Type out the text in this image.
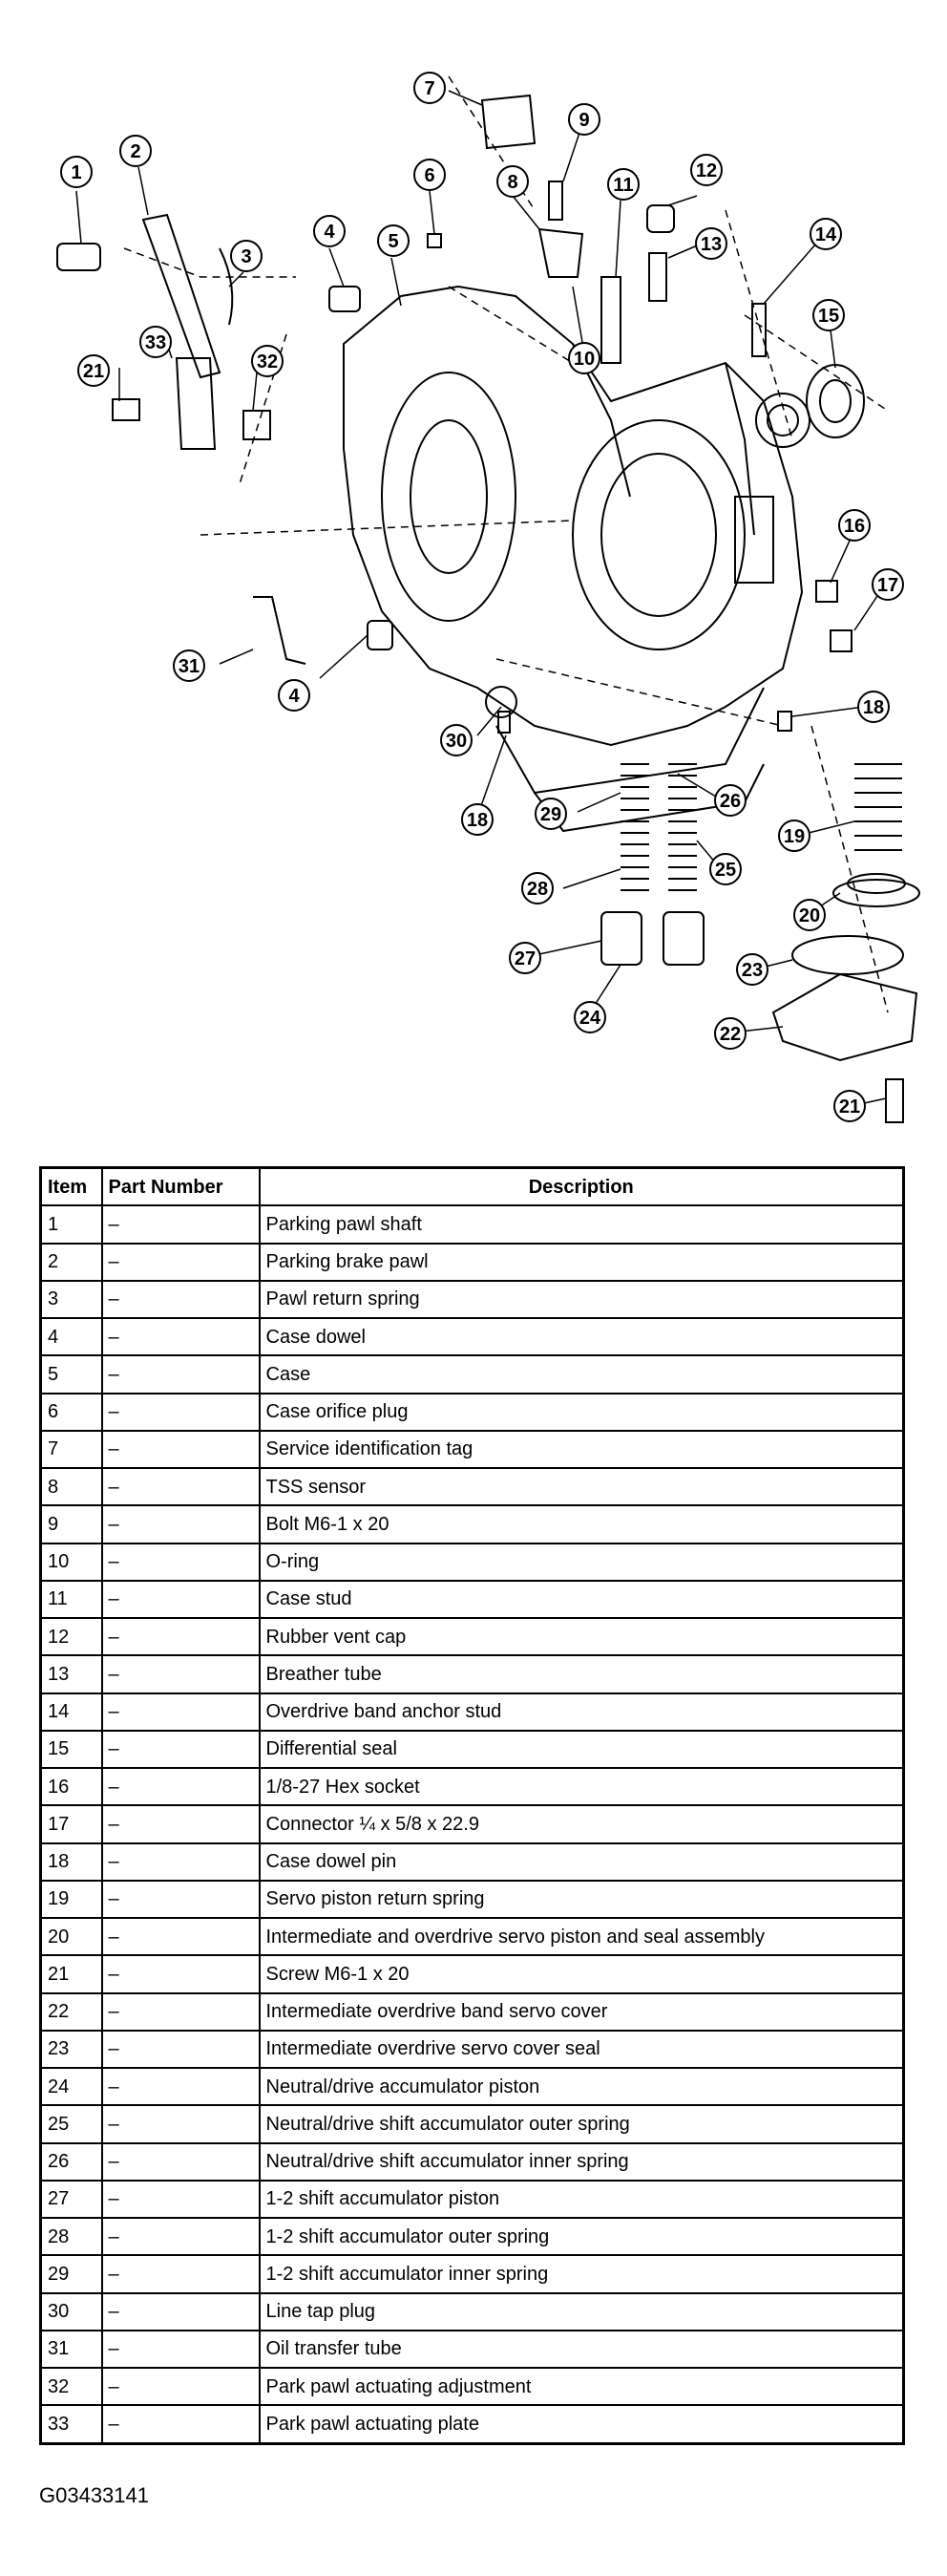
1
2
3
4
4
5
6
7
8
9
10
11
12
13	14
15
16
17
18
18
19
20
21
21
22
23
24
25
26
27
28
29
30
31
32
33
Item	Part Number	Description
1	–	Parking pawl shaft
2	–	Parking brake pawl
3	–	Pawl return spring
4	–	Case dowel
5	–	Case
6	–	Case orifice plug
7	–	Service identification tag
8	–	TSS sensor
9	–	Bolt M6-1 x 20
10	–	O-ring
11	–	Case stud
12	–	Rubber vent cap
13	–	Breather tube
14	–	Overdrive band anchor stud
15	–	Differential seal
16	–	1/8-27 Hex socket
17	–	Connector ¼ x 5/8 x 22.9
18	–	Case dowel pin
19	–	Servo piston return spring
20	–	Intermediate and overdrive servo piston and seal assembly
21	–	Screw M6-1 x 20
22	–	Intermediate overdrive band servo cover
23	–	Intermediate overdrive servo cover seal
24	–	Neutral/drive accumulator piston
25	–	Neutral/drive shift accumulator outer spring
26	–	Neutral/drive shift accumulator inner spring
27	–	1-2 shift accumulator piston
28	–	1-2 shift accumulator outer spring
29	–	1-2 shift accumulator inner spring
30	–	Line tap plug
31	–	Oil transfer tube
32	–	Park pawl actuating adjustment
33	–	Park pawl actuating plate
G03433141
